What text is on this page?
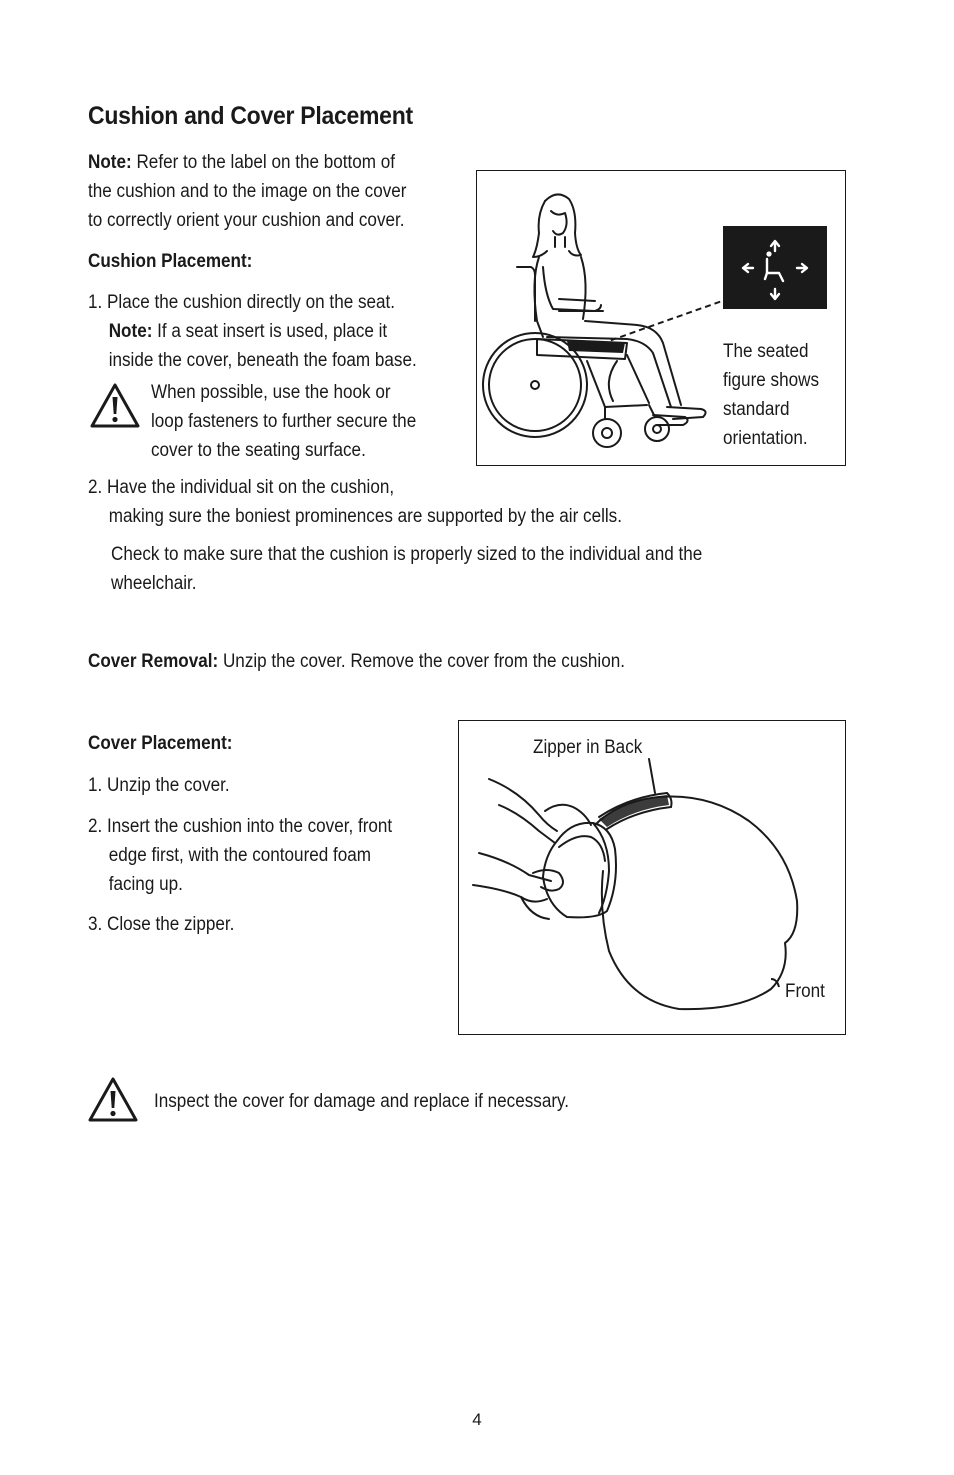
Cushion and Cover Placement
Note: Refer to the label on the bottom of
the cushion and to the image on the cover
to correctly orient your cushion and cover.
Cushion Placement:
1. Place the cushion directly on the seat.
Note: If a seat insert is used, place it
inside the cover, beneath the foam base.
When possible, use the hook or
loop fasteners to further secure the
cover to the seating surface.
2. Have the individual sit on the cushion,
making sure the boniest prominences are supported by the air cells.
Check to make sure that the cushion is properly sized to the individual and the
wheelchair.
The seated
figure shows
standard
orientation.
Cover Removal: Unzip the cover. Remove the cover from the cushion.
Cover Placement:
1. Unzip the cover.
2. Insert the cushion into the cover, front
edge first, with the contoured foam
facing up.
3. Close the zipper.
Zipper in Back
Front
Inspect the cover for damage and replace if necessary.
4
